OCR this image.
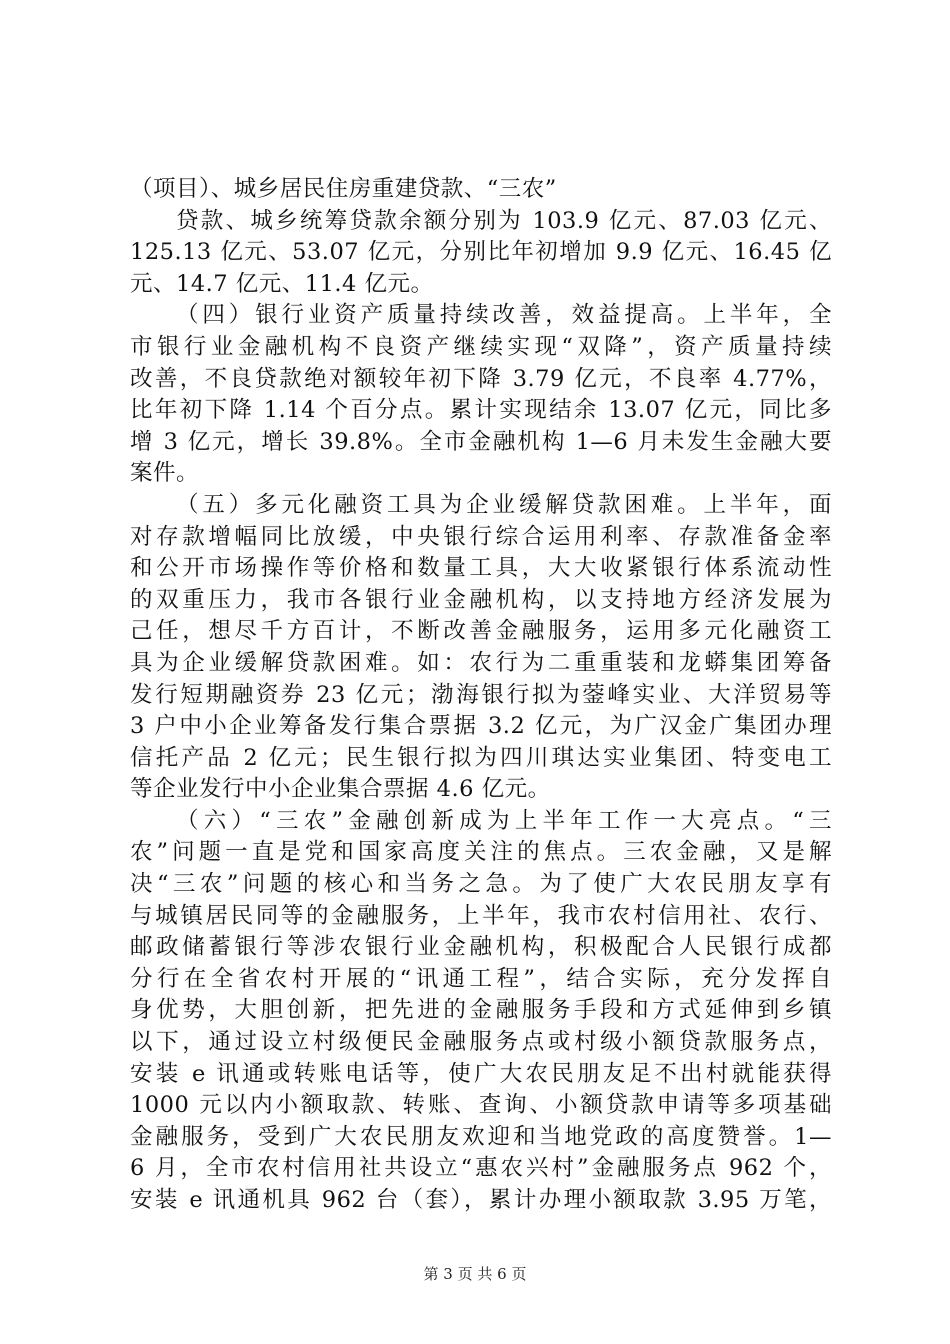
（项目）、城乡居民住房重建贷款、“三农”
贷款、城乡统筹贷款余额分别为 103.9 亿元、87.03 亿元、
125.13 亿元、53.07 亿元，分别比年初增加 9.9 亿元、16.45 亿
元、14.7 亿元、11.4 亿元。
（四）银行业资产质量持续改善，效益提高。上半年，全
市银行业金融机构不良资产继续实现“双降”，资产质量持续
改善，不良贷款绝对额较年初下降 3.79 亿元，不良率 4.77%，
比年初下降 1.14 个百分点。累计实现结余 13.07 亿元，同比多
增 3 亿元，增长 39.8%。全市金融机构 1—6 月未发生金融大要
案件。
（五）多元化融资工具为企业缓解贷款困难。上半年，面
对存款增幅同比放缓，中央银行综合运用利率、存款准备金率
和公开市场操作等价格和数量工具，大大收紧银行体系流动性
的双重压力，我市各银行业金融机构，以支持地方经济发展为
己任，想尽千方百计，不断改善金融服务，运用多元化融资工
具为企业缓解贷款困难。如：农行为二重重装和龙蟒集团筹备
发行短期融资券 23 亿元；渤海银行拟为蓥峰实业、大洋贸易等
3 户中小企业筹备发行集合票据 3.2 亿元，为广汉金广集团办理
信托产品 2 亿元；民生银行拟为四川琪达实业集团、特变电工
等企业发行中小企业集合票据 4.6 亿元。
（六）“三农”金融创新成为上半年工作一大亮点。“三
农”问题一直是党和国家高度关注的焦点。三农金融，又是解
决“三农”问题的核心和当务之急。为了使广大农民朋友享有
与城镇居民同等的金融服务，上半年，我市农村信用社、农行、
邮政储蓄银行等涉农银行业金融机构，积极配合人民银行成都
分行在全省农村开展的“讯通工程”，结合实际，充分发挥自
身优势，大胆创新，把先进的金融服务手段和方式延伸到乡镇
以下，通过设立村级便民金融服务点或村级小额贷款服务点，
安装 e 讯通或转账电话等，使广大农民朋友足不出村就能获得
1000 元以内小额取款、转账、查询、小额贷款申请等多项基础
金融服务，受到广大农民朋友欢迎和当地党政的高度赞誉。1—
6 月，全市农村信用社共设立“惠农兴村”金融服务点 962 个，
安装 e 讯通机具 962 台（套），累计办理小额取款 3.95 万笔，
第 3 页 共 6 页
